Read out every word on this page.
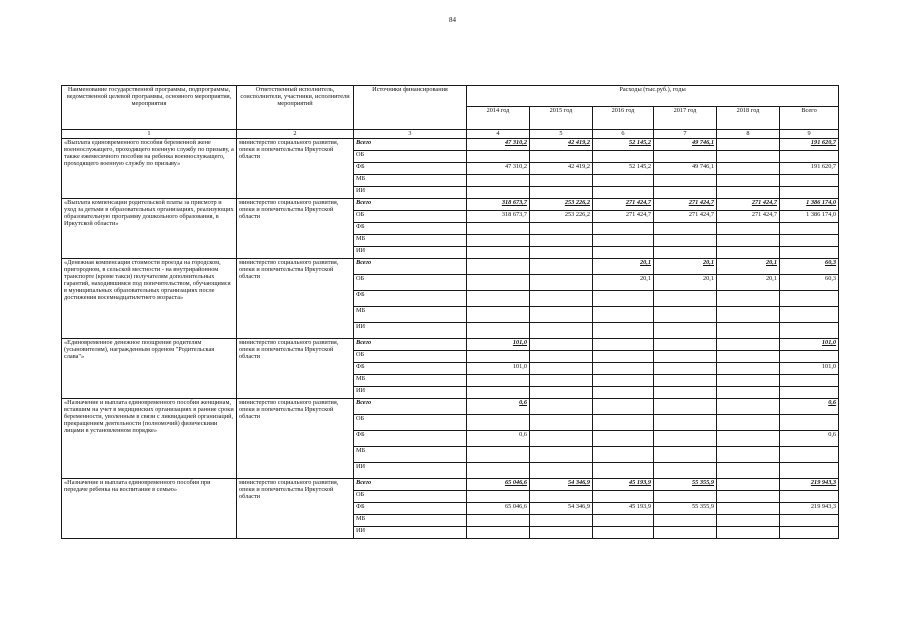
84
Наименование государственной программы, подпрограммы, ведомственной целевой программы, основного мероприятия, мероприятия	Ответственный исполнитель, соисполнители, участники, исполнители мероприятий	Источники финансирования	Расходы (тыс.руб.), годы					
			2014 год	2015 год	2016 год	2017 год	2018 год	Всего
1	2	3	4	5	6	7	8	9
«Выплата единовременного пособия беременной жене военнослужащего, проходящего военную службу по призыву, а также ежемесячного пособия на ребенка военнослужащего, проходящего военную службу по призыву»	министерство социального развития, опеки и попечительства Иркутской области	Всего	47 310,2	42 419,2	52 145,2	49 746,1		191 620,7
		ОБ						
		ФБ	47 310,2	42 419,2	52 145,2	49 746,1		191 620,7
		МБ						
		ИИ						
«Выплата компенсации родительской платы за присмотр и уход за детьми в образовательных организациях, реализующих образовательную программу дошкольного образования, в Иркутской области»	министерство социального развития, опеки и попечительства Иркутской области	Всего	318 673,7	253 226,2	271 424,7	271 424,7	271 424,7	1 386 174,0
		ОБ	318 673,7	253 226,2	271 424,7	271 424,7	271 424,7	1 386 174,0
		ФБ						
		МБ						
		ИИ						
«Денежная компенсация стоимости проезда на городском, пригородном, в сельской местности - на внутрирайонном транспорте (кроме такси) получателям дополнительных гарантий, находившимся под попечительством, обучающимся в муниципальных образовательных организациях после достижения восемнадцатилетнего возраста»	министерство социального развития, опеки и попечительства Иркутской области	Всего			20,1	20,1	20,1	60,3
		ОБ			20,1	20,1	20,1	60,3
		ФБ						
		МБ						
		ИИ						
«Единовременное денежное поощрение родителям (усыновителям), награжденным орденом "Родительская слава"»	министерство социального развития, опеки и попечительства Иркутской области	Всего	101,0					101,0
		ОБ						
		ФБ	101,0					101,0
		МБ						
		ИИ						
«Назначение и выплата единовременного пособия женщинам, вставшим на учет в медицинских организациях в ранние сроки беременности, уволенным в связи с ликвидацией организаций, прекращением деятельности (полномочий) физическими лицами в установленном порядке»	министерство социального развития, опеки и попечительства Иркутской области	Всего	0,6					0,6
		ОБ						
		ФБ	0,6					0,6
		МБ						
		ИИ						
«Назначение и выплата единовременного пособия при передаче ребенка на воспитание в семью»	министерство социального развития, опеки и попечительства Иркутской области	Всего	65 046,6	54 346,9	45 193,9	55 355,9		219 943,3
		ОБ						
		ФБ	65 046,6	54 346,9	45 193,9	55 355,9		219 943,3
		МБ						
		ИИ						
